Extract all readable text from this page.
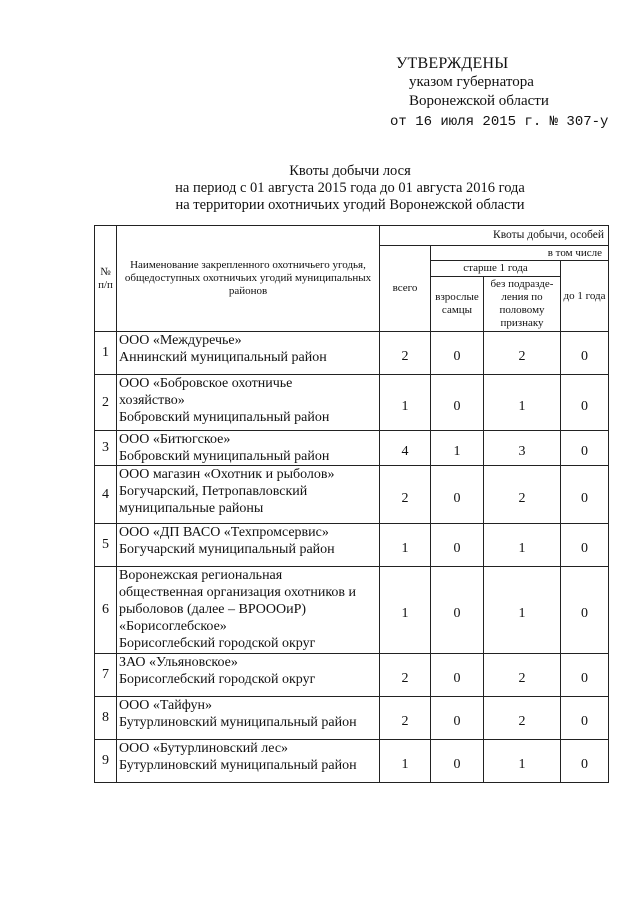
УТВЕРЖДЕНЫ
указом губернатора
Воронежской области
от 16 июля 2015 г. № 307-у
Квоты добычи лося
на период с 01 августа 2015 года до 01 августа 2016 года
на территории охотничьих угодий Воронежской области
№ п/п	Наименование закрепленного охотничьего угодья, общедоступных охотничьих угодий муниципальных районов	Квоты добычи, особей			
		всего	в том числе		
			старше 1 года		до 1 года
			взрослые самцы	без подразде-ления по половому признаку	
1	ООО «Междуречье»
Аннинский муниципальный район	2	0	2	0
2	ООО «Бобровское охотничье
хозяйство»
Бобровский муниципальный район	1	0	1	0
3	ООО «Битюгское»
Бобровский муниципальный район	4	1	3	0
4	ООО магазин «Охотник и рыболов»
Богучарский, Петропавловский
муниципальные районы	2	0	2	0
5	ООО «ДП ВАСО «Техпромсервис»
Богучарский муниципальный район	1	0	1	0
6	Воронежская региональная
общественная организация охотников и
рыболовов (далее – ВРОООиР)
«Борисоглебское»
Борисоглебский городской округ	1	0	1	0
7	ЗАО «Ульяновское»
Борисоглебский городской округ	2	0	2	0
8	ООО «Тайфун»
Бутурлиновский муниципальный район	2	0	2	0
9	ООО «Бутурлиновский лес»
Бутурлиновский муниципальный район	1	0	1	0
